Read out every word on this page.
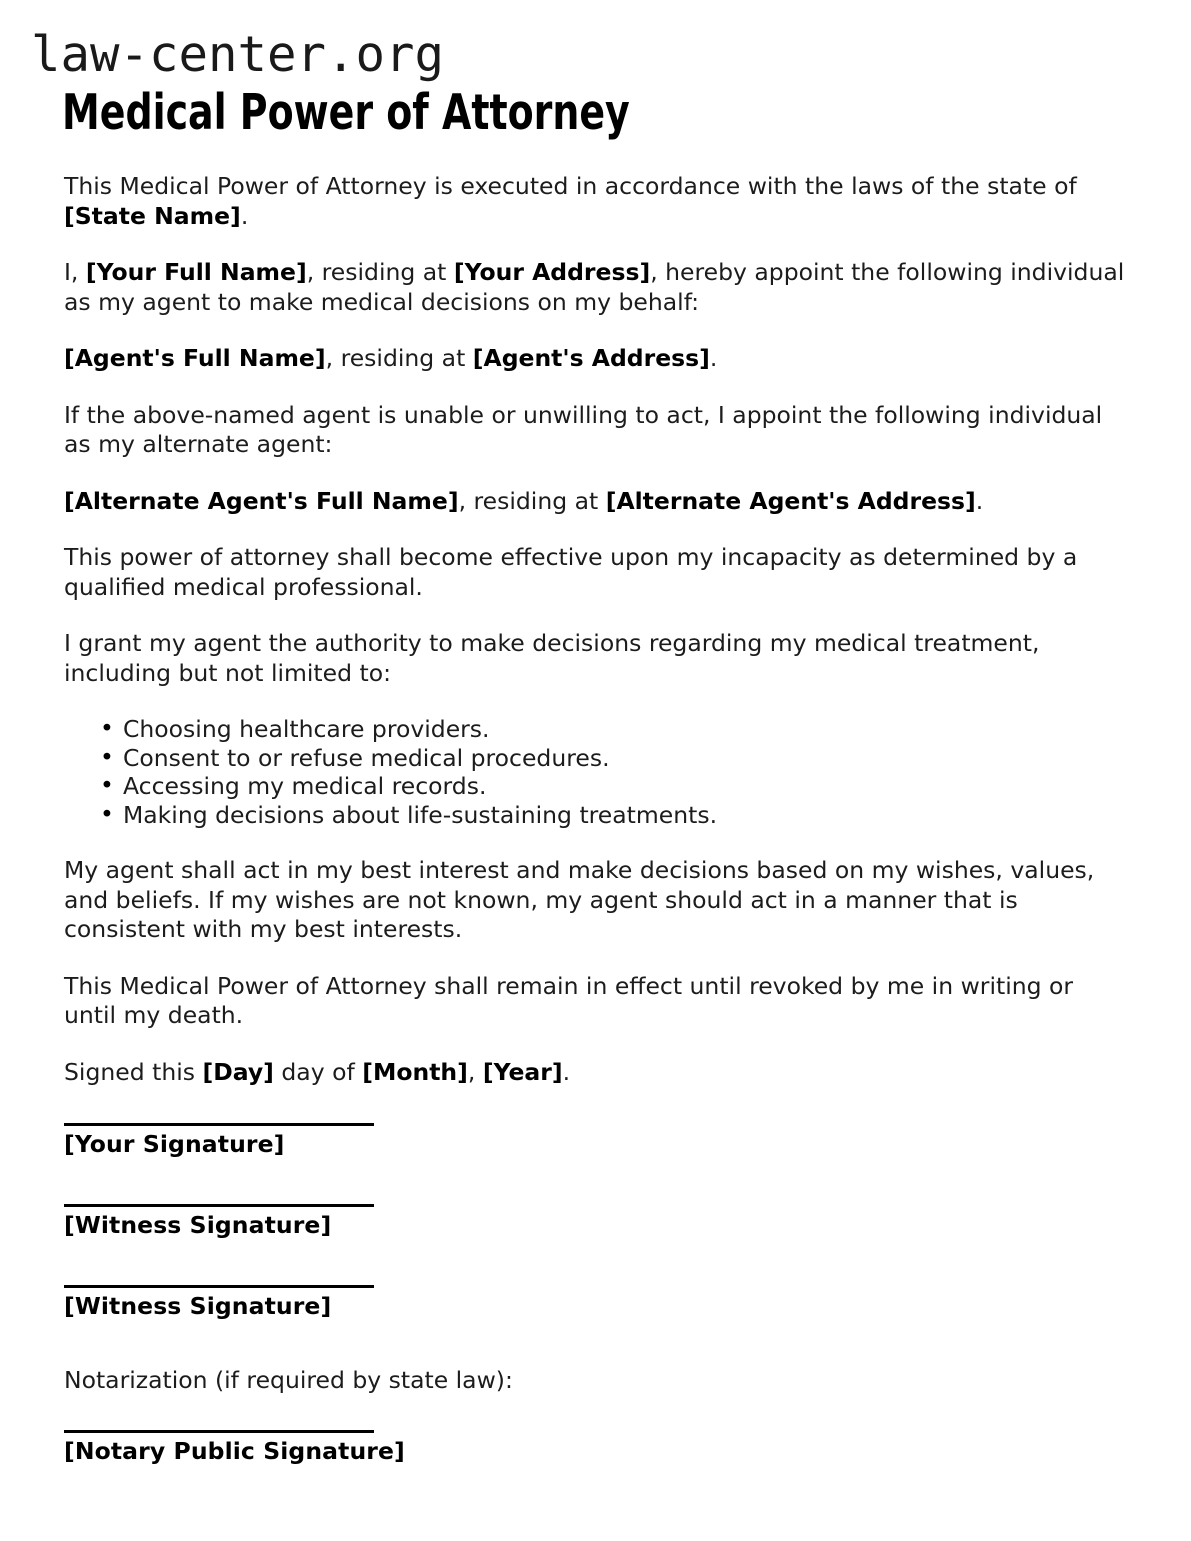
law-center.org
Medical Power of Attorney

This Medical Power of Attorney is executed in accordance with the laws of the state of [State Name].

I, [Your Full Name], residing at [Your Address], hereby appoint the following individual as my agent to make medical decisions on my behalf:

[Agent's Full Name], residing at [Agent's Address].

If the above-named agent is unable or unwilling to act, I appoint the following individual as my alternate agent:

[Alternate Agent's Full Name], residing at [Alternate Agent's Address].

This power of attorney shall become effective upon my incapacity as determined by a qualified medical professional.

I grant my agent the authority to make decisions regarding my medical treatment, including but not limited to:

• Choosing healthcare providers.
• Consent to or refuse medical procedures.
• Accessing my medical records.
• Making decisions about life-sustaining treatments.

My agent shall act in my best interest and make decisions based on my wishes, values, and beliefs. If my wishes are not known, my agent should act in a manner that is consistent with my best interests.

This Medical Power of Attorney shall remain in effect until revoked by me in writing or until my death.

Signed this [Day] day of [Month], [Year].

[Your Signature]
[Witness Signature]
[Witness Signature]

Notarization (if required by state law):

[Notary Public Signature]
